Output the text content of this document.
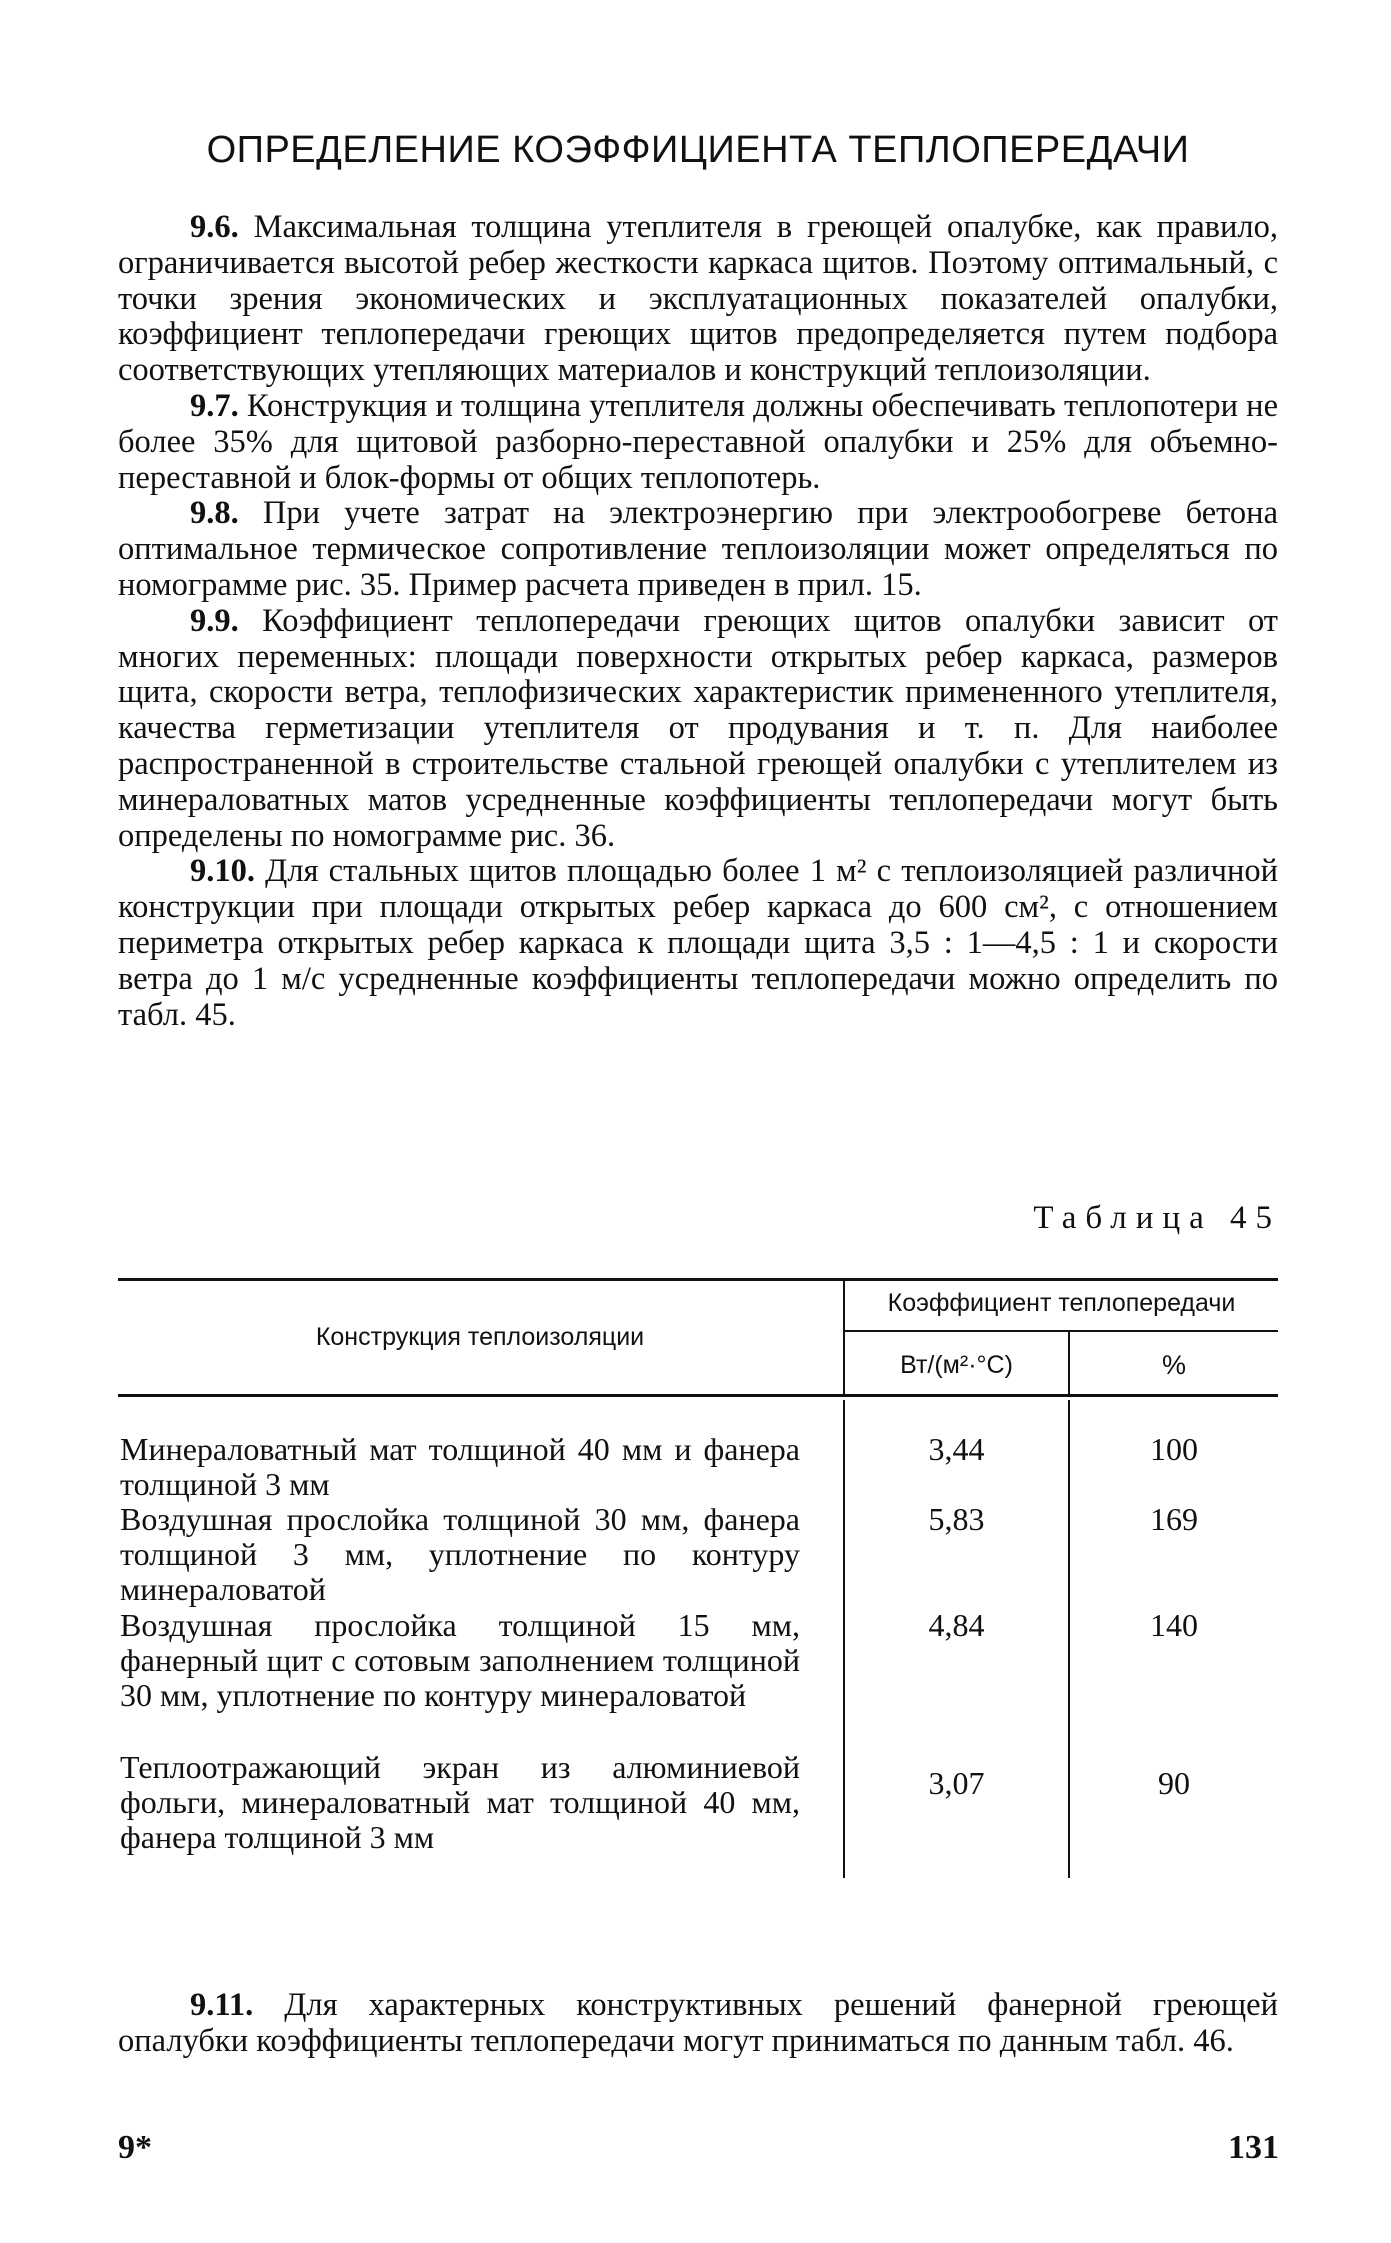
ОПРЕДЕЛЕНИЕ КОЭФФИЦИЕНТА ТЕПЛОПЕРЕДАЧИ

9.6. Максимальная толщина утеплителя в греющей опалубке, как правило, ограничивается высотой ребер жесткости каркаса щитов. Поэтому оптимальный, с точки зрения экономических и эксплуатационных показателей опалубки, коэффициент теплопередачи греющих щитов предопределяется путем подбора соответствующих утепляющих материалов и конструкций теплоизоляции.

9.7. Конструкция и толщина утеплителя должны обеспечивать теплопотери не более 35% для щитовой разборно-переставной опалубки и 25% для объемно-переставной и блок-формы от общих теплопотерь.

9.8. При учете затрат на электроэнергию при электрообогреве бетона оптимальное термическое сопротивление теплоизоляции может определяться по номограмме рис. 35. Пример расчета приведен в прил. 15.

9.9. Коэффициент теплопередачи греющих щитов опалубки зависит от многих переменных: площади поверхности открытых ребер каркаса, размеров щита, скорости ветра, теплофизических характеристик примененного утеплителя, качества герметизации утеплителя от продувания и т. п. Для наиболее распространенной в строительстве стальной греющей опалубки с утеплителем из минераловатных матов усредненные коэффициенты теплопередачи могут быть определены по номограмме рис. 36.

9.10. Для стальных щитов площадью более 1 м² с теплоизоляцией различной конструкции при площади открытых ребер каркаса до 600 см², с отношением периметра открытых ребер каркаса к площади щита 3,5 : 1—4,5 : 1 и скорости ветра до 1 м/с усредненные коэффициенты теплопередачи можно определить по табл. 45.

Таблица 45
Конструкция теплоизоляции
Коэффициент теплопередачи
Вт/(м²·°С)	%
Минераловатный мат толщиной 40 мм и фанера толщиной 3 мм
3,44	100
Воздушная прослойка толщиной 30 мм, фанера толщиной 3 мм, уплотнение по контуру минераловатой
5,83	169
Воздушная прослойка толщиной 15 мм, фанерный щит с сотовым заполнением толщиной 30 мм, уплотнение по контуру минераловатой
4,84	140
Теплоотражающий экран из алюминиевой фольги, минераловатный мат толщиной 40 мм, фанера толщиной 3 мм
3,07	90

9.11. Для характерных конструктивных решений фанерной греющей опалубки коэффициенты теплопередачи могут приниматься по данным табл. 46.

9*	131
